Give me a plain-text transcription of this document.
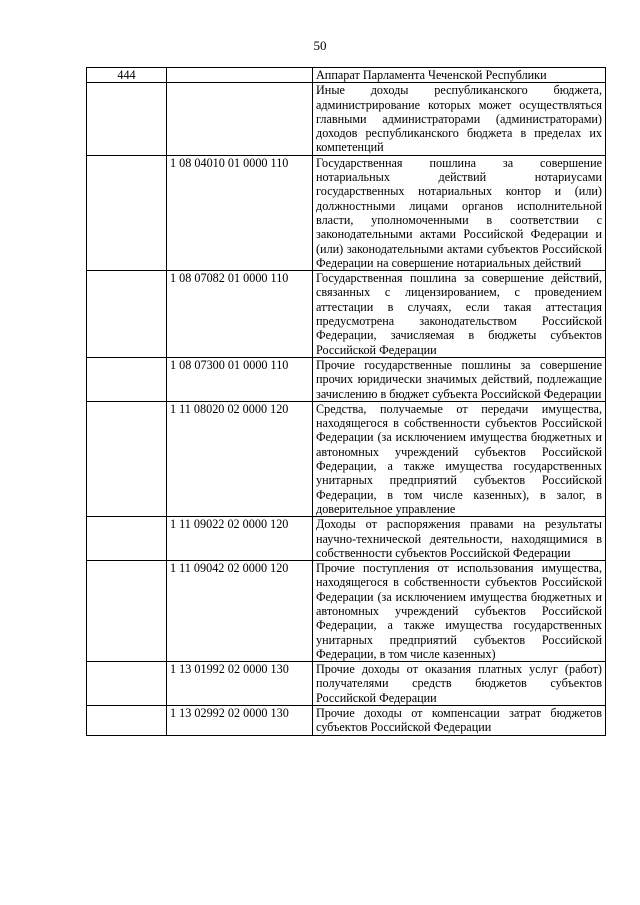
50
444		Аппарат Парламента Чеченской Республики
		Иные доходы республиканского бюджета, администрирование которых может осуществляться главными администраторами (администраторами) доходов республиканского бюджета в пределах их компетенций
	1 08 04010 01 0000 110	Государственная пошлина за совершение нотариальных действий нотариусами государственных нотариальных контор и (или) должностными лицами органов исполнительной власти, уполномоченными в соответствии с законодательными актами Российской Федерации и (или) законодательными актами субъектов Российской Федерации на совершение нотариальных действий
	1 08 07082 01 0000 110	Государственная пошлина за совершение действий, связанных с лицензированием, с проведением аттестации в случаях, если такая аттестация предусмотрена законодательством Российской Федерации, зачисляемая в бюджеты субъектов Российской Федерации
	1 08 07300 01 0000 110	Прочие государственные пошлины за совершение прочих юридически значимых действий, подлежащие зачислению в бюджет субъекта Российской Федерации
	1 11 08020 02 0000 120	Средства, получаемые от передачи имущества, находящегося в собственности субъектов Российской Федерации (за исключением имущества бюджетных и автономных учреждений субъектов Российской Федерации, а также имущества государственных унитарных предприятий субъектов Российской Федерации, в том числе казенных), в залог, в доверительное управление
	1 11 09022 02 0000 120	Доходы от распоряжения правами на результаты научно-технической деятельности, находящимися в собственности субъектов Российской Федерации
	1 11 09042 02 0000 120	Прочие поступления от использования имущества, находящегося в собственности субъектов Российской Федерации (за исключением имущества бюджетных и автономных учреждений субъектов Российской Федерации, а также имущества государственных унитарных предприятий субъектов Российской Федерации, в том числе казенных)
	1 13 01992 02 0000 130	Прочие доходы от оказания платных услуг (работ) получателями средств бюджетов субъектов Российской Федерации
	1 13 02992 02 0000 130	Прочие доходы от компенсации затрат бюджетов субъектов Российской Федерации
